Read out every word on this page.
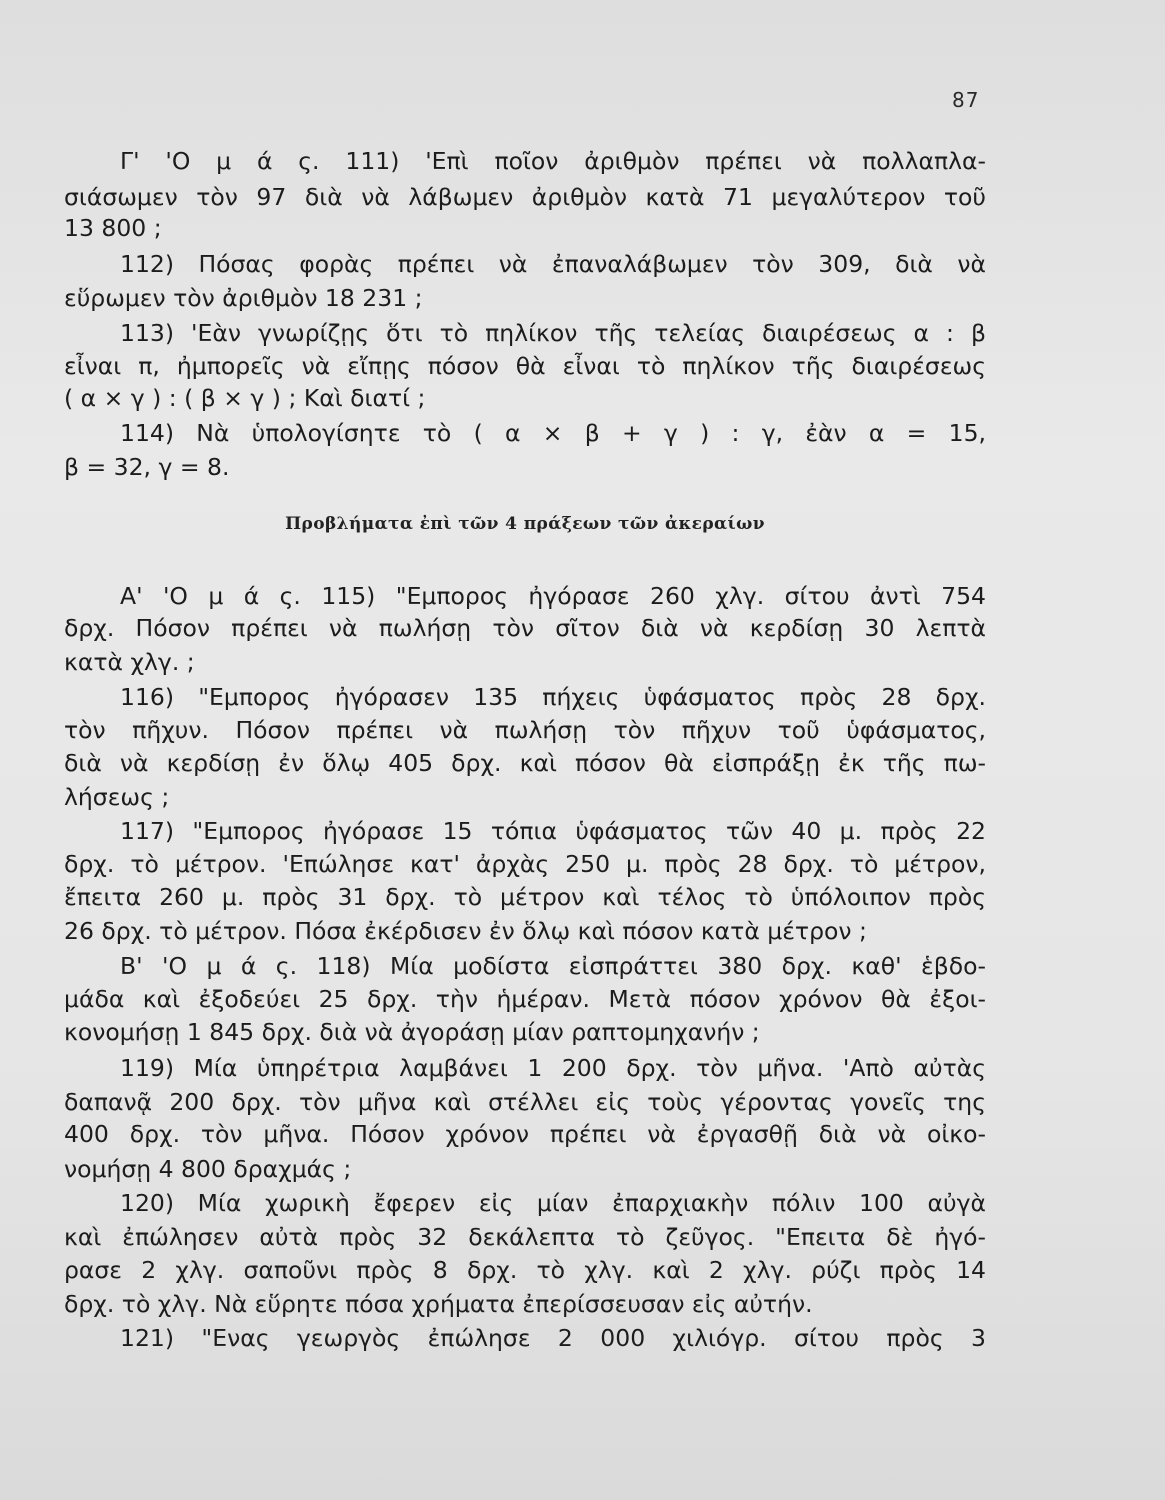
87
Γ' 'Ο μ ά ς. 111) 'Επὶ ποῖον ἀριθμὸν πρέπει νὰ πολλαπλα-
σιάσωμεν τὸν 97 διὰ νὰ λάβωμεν ἀριθμὸν κατὰ 71 μεγαλύτερον τοῦ
13 800 ;
112) Πόσας φορὰς πρέπει νὰ ἐπαναλάβωμεν τὸν 309, διὰ νὰ
εὕρωμεν τὸν ἀριθμὸν 18 231 ;
113) 'Εὰν γνωρίζῃς ὅτι τὸ πηλίκον τῆς τελείας διαιρέσεως α : β
εἶναι π, ἠμπορεῖς νὰ εἴπῃς πόσον θὰ εἶναι τὸ πηλίκον τῆς διαιρέσεως
( α × γ ) : ( β × γ ) ; Καὶ διατί ;
114) Νὰ ὑπολογίσητε τὸ ( α × β + γ ) : γ, ἐὰν α = 15,
β = 32, γ = 8.
Προβλήματα ἐπὶ τῶν 4 πράξεων τῶν ἀκεραίων
Α' 'Ο μ ά ς. 115) "Εμπορος ἠγόρασε 260 χλγ. σίτου ἀντὶ 754
δρχ. Πόσον πρέπει νὰ πωλήσῃ τὸν σῖτον διὰ νὰ κερδίσῃ 30 λεπτὰ
κατὰ χλγ. ;
116) "Εμπορος ἠγόρασεν 135 πήχεις ὑφάσματος πρὸς 28 δρχ.
τὸν πῆχυν. Πόσον πρέπει νὰ πωλήσῃ τὸν πῆχυν τοῦ ὑφάσματος,
διὰ νὰ κερδίσῃ ἐν ὅλῳ 405 δρχ. καὶ πόσον θὰ εἰσπράξῃ ἐκ τῆς πω-
λήσεως ;
117) "Εμπορος ἠγόρασε 15 τόπια ὑφάσματος τῶν 40 μ. πρὸς 22
δρχ. τὸ μέτρον. 'Επώλησε κατ' ἀρχὰς 250 μ. πρὸς 28 δρχ. τὸ μέτρον,
ἔπειτα 260 μ. πρὸς 31 δρχ. τὸ μέτρον καὶ τέλος τὸ ὑπόλοιπον πρὸς
26 δρχ. τὸ μέτρον. Πόσα ἐκέρδισεν ἐν ὅλῳ καὶ πόσον κατὰ μέτρον ;
Β' 'Ο μ ά ς. 118) Μία μοδίστα εἰσπράττει 380 δρχ. καθ' ἑβδο-
μάδα καὶ ἐξοδεύει 25 δρχ. τὴν ἡμέραν. Μετὰ πόσον χρόνον θὰ ἐξοι-
κονομήσῃ 1 845 δρχ. διὰ νὰ ἀγοράσῃ μίαν ραπτομηχανήν ;
119) Μία ὑπηρέτρια λαμβάνει 1 200 δρχ. τὸν μῆνα. 'Απὸ αὐτὰς
δαπανᾷ 200 δρχ. τὸν μῆνα καὶ στέλλει εἰς τοὺς γέροντας γονεῖς της
400 δρχ. τὸν μῆνα. Πόσον χρόνον πρέπει νὰ ἐργασθῇ διὰ νὰ οἰκο-
νομήσῃ 4 800 δραχμάς ;
120) Μία χωρικὴ ἔφερεν εἰς μίαν ἐπαρχιακὴν πόλιν 100 αὐγὰ
καὶ ἐπώλησεν αὐτὰ πρὸς 32 δεκάλεπτα τὸ ζεῦγος. "Επειτα δὲ ἠγό-
ρασε 2 χλγ. σαποῦνι πρὸς 8 δρχ. τὸ χλγ. καὶ 2 χλγ. ρύζι πρὸς 14
δρχ. τὸ χλγ. Νὰ εὕρητε πόσα χρήματα ἐπερίσσευσαν εἰς αὐτήν.
121) "Ενας γεωργὸς ἐπώλησε 2 000 χιλιόγρ. σίτου πρὸς 3
